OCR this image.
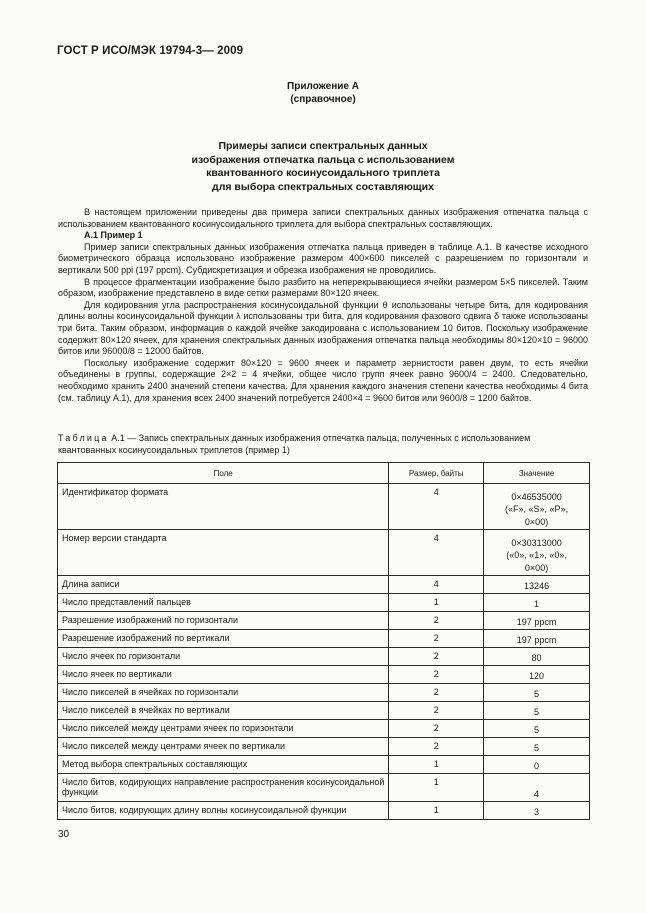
ГОСТ Р ИСО/МЭК 19794-3— 2009
Приложение А
(справочное)
Примеры записи спектральных данных
изображения отпечатка пальца с использованием
квантованного косинусоидального триплета
для выбора спектральных составляющих

В настоящем приложении приведены два примера записи спектральных данных изображения отпечатка пальца с использованием квантованного косинусоидального триплета для выбора спектральных составляющих.

А.1 Пример 1

Пример записи спектральных данных изображения отпечатка пальца приведен в таблице А.1. В качестве исходного биометрического образца использовано изображение размером 400×600 пикселей с разрешением по горизонтали и вертикали 500 ppi (197 ppcm). Субдискретизация и обрезка изображения не проводились.

В процессе фрагментации изображение было разбито на неперекрывающиеся ячейки размером 5×5 пикселей. Таким образом, изображение представлено в виде сетки размерами 80×120 ячеек.

Для кодирования угла распространения косинусоидальной функции θ использованы четыре бита, для кодирования длины волны косинусоидальной функции λ использованы три бита, для кодирования фазового сдвига δ также использованы три бита. Таким образом, информация о каждой ячейке закодирована с использованием 10 битов. Поскольку изображение содержит 80×120 ячеек, для хранения спектральных данных изображения отпечатка пальца необходимы 80×120×10 = 96000 битов или 96000/8 = 12000 байтов.

Поскольку изображение содержит 80×120 = 9600 ячеек и параметр зернистости равен двум, то есть ячейки объединены в группы, содержащие 2×2 = 4 ячейки, общее число групп ячеек равно 9600/4 = 2400. Следовательно, необходимо хранить 2400 значений степени качества. Для хранения каждого значения степени качества необходимы 4 бита (см. таблицу А.1), для хранения всех 2400 значений потребуется 2400×4 = 9600 битов или 9600/8 = 1200 байтов.

Таблица А.1 — Запись спектральных данных изображения отпечатка пальца, полученных с использованием квантованных косинусоидальных триплетов (пример 1)
Поле	Размер, байты	Значение
Идентификатор формата	4	0×46535000
(«F», «S», «P»,
0×00)

Номер версии стандарта	4	0×30313000
(«0», «1», «0»,
0×00)

Длина записи	4	13246

Число представлений пальцев	1	1

Разрешение изображений по горизонтали	2	197 ppcm

Разрешение изображений по вертикали	2	197 ppcm

Число ячеек по горизонтали	2	80

Число ячеек по вертикали	2	120

Число пикселей в ячейках по горизонтали	2	5

Число пикселей в ячейках по вертикали	2	5

Число пикселей между центрами ячеек по горизонтали	2	5

Число пикселей между центрами ячеек по вертикали	2	5

Метод выбора спектральных составляющих	1	0

Число битов, кодирующих направление распространения косинусоидальной функции	1	4

Число битов, кодирующих длину волны косинусоидальной функции	1	3
30
